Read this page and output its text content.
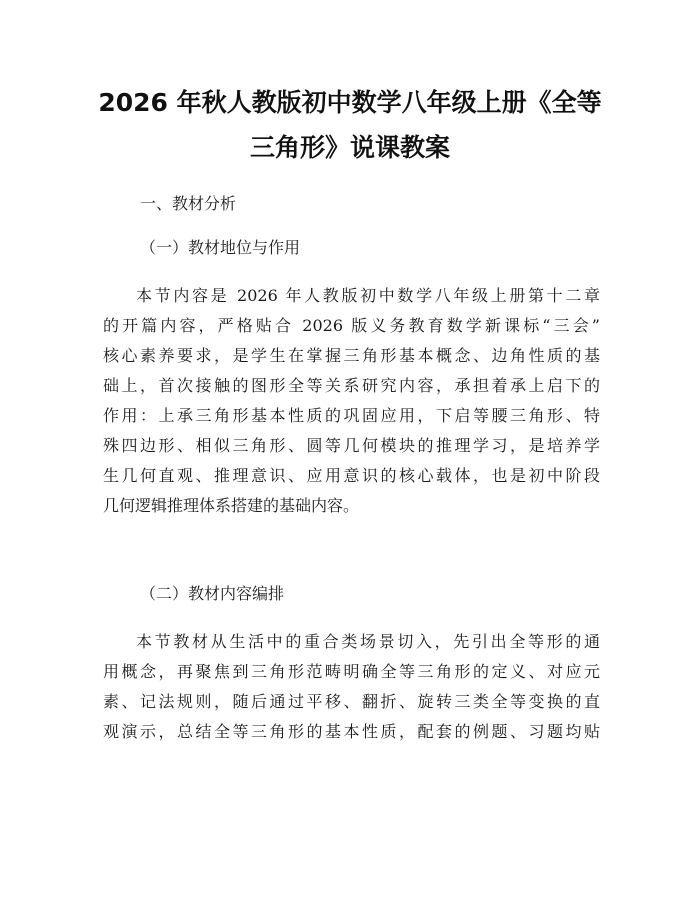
2026 年秋人教版初中数学八年级上册《全等
三角形》说课教案

一、教材分析

（一）教材地位与作用

本节内容是 2026 年人教版初中数学八年级上册第十二章
的开篇内容，严格贴合 2026 版义务教育数学新课标“三会”
核心素养要求，是学生在掌握三角形基本概念、边角性质的基
础上，首次接触的图形全等关系研究内容，承担着承上启下的
作用：上承三角形基本性质的巩固应用，下启等腰三角形、特
殊四边形、相似三角形、圆等几何模块的推理学习，是培养学
生几何直观、推理意识、应用意识的核心载体，也是初中阶段
几何逻辑推理体系搭建的基础内容。

（二）教材内容编排

本节教材从生活中的重合类场景切入，先引出全等形的通
用概念，再聚焦到三角形范畴明确全等三角形的定义、对应元
素、记法规则，随后通过平移、翻折、旋转三类全等变换的直
观演示，总结全等三角形的基本性质，配套的例题、习题均贴
